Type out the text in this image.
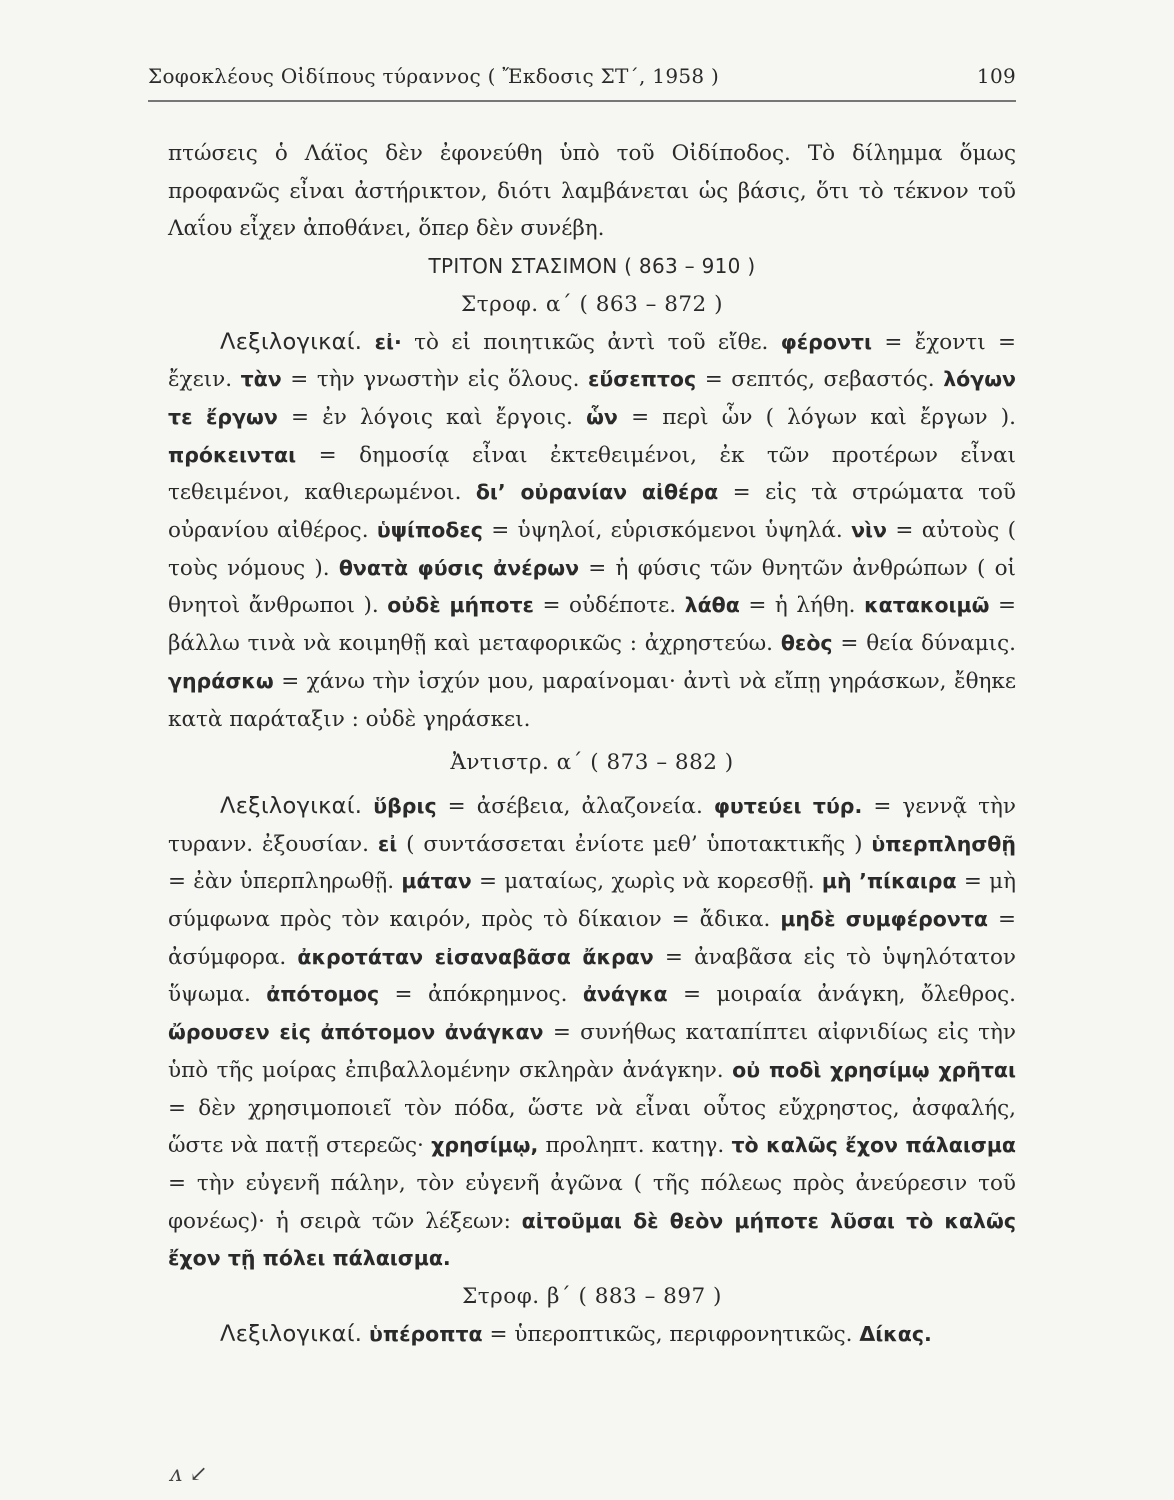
Σοφοκλέους Οἰδίπους τύραννος ( Ἔκδοσις ΣΤ΄, 1958 )	109

πτώσεις ὁ Λάϊος δὲν ἐφονεύθη ὑπὸ τοῦ Οἰδίποδος. Τὸ δίλημμα ὅμως προφανῶς εἶναι ἀστήρικτον, διότι λαμβάνεται ὡς βάσις, ὅτι τὸ τέκνον τοῦ Λαΐου εἶχεν ἀποθάνει, ὅπερ δὲν συνέβη.

ΤΡΙΤΟΝ ΣΤΑΣΙΜΟΝ ( 863 – 910 )

Στροφ. α΄ ( 863 – 872 )

Λεξιλογικαί. εἰ· τὸ εἰ ποιητικῶς ἀντὶ τοῦ εἴθε. φέροντι = ἔχοντι = ἔχειν. τὰν = τὴν γνωστὴν εἰς ὅλους. εὔσεπτος = σεπτός, σεβαστός. λόγων τε ἔργων = ἐν λόγοις καὶ ἔργοις. ὧν = περὶ ὧν ( λόγων καὶ ἔργων ). πρόκεινται = δημοσίᾳ εἶναι ἐκτεθειμένοι, ἐκ τῶν προτέρων εἶναι τεθειμένοι, καθιερωμένοι. δι’ οὐρανίαν αἰθέρα = εἰς τὰ στρώματα τοῦ οὐρανίου αἰθέρος. ὑψίποδες = ὑψηλοί, εὑρισκόμενοι ὑψηλά. νὶν = αὐτοὺς ( τοὺς νόμους ). θνατὰ φύσις ἀνέρων = ἡ φύσις τῶν θνητῶν ἀνθρώπων ( οἱ θνητοὶ ἄνθρωποι ). οὐδὲ μήποτε = οὐδέποτε. λάθα = ἡ λήθη. κατακοιμῶ = βάλλω τινὰ νὰ κοιμηθῇ καὶ μεταφορικῶς : ἀχρηστεύω. θεὸς = θεία δύναμις. γηράσκω = χάνω τὴν ἰσχύν μου, μαραίνομαι· ἀντὶ νὰ εἴπῃ γηράσκων, ἔθηκε κατὰ παράταξιν : οὐδὲ γηράσκει.

Ἀντιστρ. α΄ ( 873 – 882 )

Λεξιλογικαί. ὕβρις = ἀσέβεια, ἀλαζονεία. φυτεύει τύρ. = γεννᾷ τὴν τυρανν. ἐξουσίαν. εἰ ( συντάσσεται ἐνίοτε μεθ’ ὑποτακτικῆς ) ὑπερπλησθῇ = ἐὰν ὑπερπληρωθῇ. μάταν = ματαίως, χωρὶς νὰ κορεσθῇ. μὴ ’πίκαιρα = μὴ σύμφωνα πρὸς τὸν καιρόν, πρὸς τὸ δίκαιον = ἄδικα. μηδὲ συμφέροντα = ἀσύμφορα. ἀκροτάταν εἰσαναβᾶσα ἄκραν = ἀναβᾶσα εἰς τὸ ὑψηλότατον ὕψωμα. ἀπότομος = ἀπόκρημνος. ἀνάγκα = μοιραία ἀνάγκη, ὄλεθρος. ὤρουσεν εἰς ἀπότομον ἀνάγκαν = συνήθως καταπίπτει αἰφνιδίως εἰς τὴν ὑπὸ τῆς μοίρας ἐπιβαλλομένην σκληρὰν ἀνάγκην. οὐ ποδὶ χρησίμῳ χρῆται = δὲν χρησιμοποιεῖ τὸν πόδα, ὥστε νὰ εἶναι οὗτος εὔχρηστος, ἀσφαλής, ὥστε νὰ πατῇ στερεῶς· χρησίμῳ, προληπτ. κατηγ. τὸ καλῶς ἔχον πάλαισμα = τὴν εὐγενῆ πάλην, τὸν εὐγενῆ ἀγῶνα ( τῆς πόλεως πρὸς ἀνεύρεσιν τοῦ φονέως)· ἡ σειρὰ τῶν λέξεων: αἰτοῦμαι δὲ θεὸν μήποτε λῦσαι τὸ καλῶς ἔχον τῇ πόλει πάλαισμα.

Στροφ. β΄ ( 883 – 897 )

Λεξιλογικαί. ὑπέροπτα = ὑπεροπτικῶς, περιφρονητικῶς. Δίκας.

ᴧ ↙
